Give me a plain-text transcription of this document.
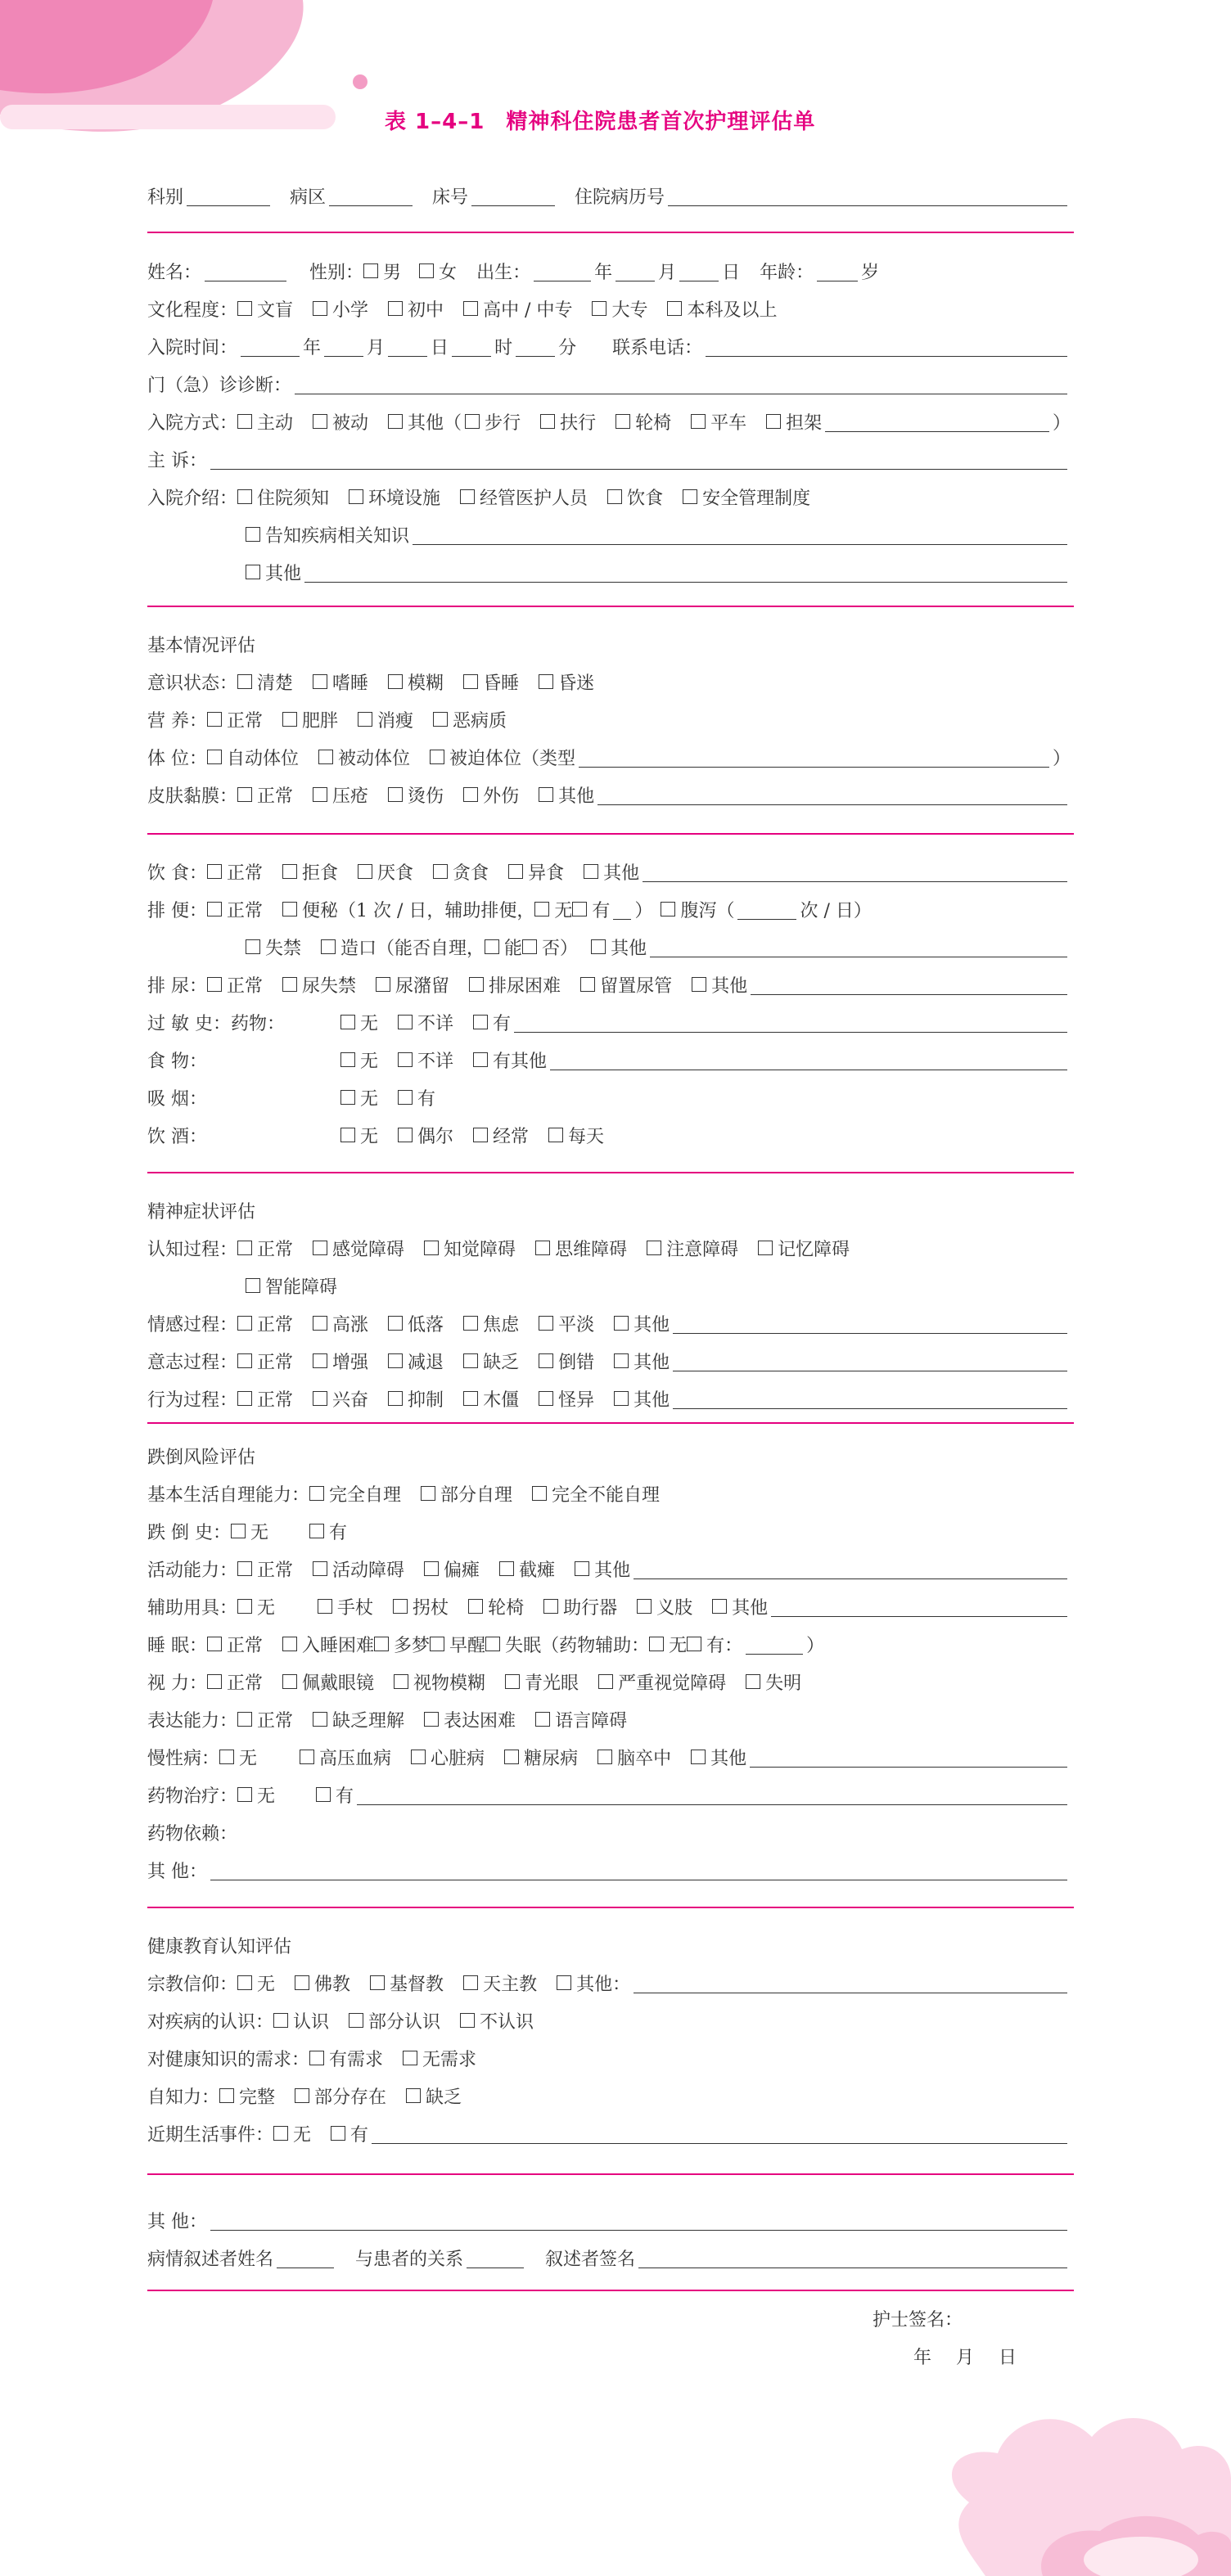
表 1–4–1 精神科住院患者首次护理评估单
科别	病区	床号	住院病历号
姓名：	性别： 男 女 出生：	年	月	日 年龄：	岁
文化程度： 文盲 小学 初中 高中 / 中专 大专 本科及以上
入院时间：	年	月	日	时	分 联系电话：
门（急）诊诊断：
入院方式： 主动 被动 其他（ 步行 扶行 轮椅 平车 担架	）
主 诉：
入院介绍： 住院须知 环境设施 经管医护人员 饮食 安全管理制度
告知疾病相关知识
其他
基本情况评估
意识状态： 清楚 嗜睡 模糊 昏睡 昏迷
营 养： 正常 肥胖 消瘦 恶病质
体 位： 自动体位 被动体位 被迫体位（类型	）
皮肤黏膜： 正常 压疮 烫伤 外伤 其他
饮 食： 正常 拒食 厌食 贪食 异食 其他
排 便： 正常 便秘（1 次 / 日，辅助排便， 无 有 ） 腹泻（	次 / 日）
失禁 造口（能否自理， 能 否） 其他
排 尿： 正常 尿失禁 尿潴留 排尿困难 留置尿管 其他
过 敏 史：药物：	无 不详 有
食 物：	无 不详 有其他
吸 烟：	无 有
饮 酒：	无 偶尔 经常 每天
精神症状评估
认知过程： 正常 感觉障碍 知觉障碍 思维障碍 注意障碍 记忆障碍
智能障碍
情感过程： 正常 高涨 低落 焦虑 平淡 其他
意志过程： 正常 增强 减退 缺乏 倒错 其他
行为过程： 正常 兴奋 抑制 木僵 怪异 其他
跌倒风险评估
基本生活自理能力： 完全自理 部分自理 完全不能自理
跌 倒 史： 无	有
活动能力： 正常 活动障碍 偏瘫 截瘫 其他
辅助用具： 无	手杖 拐杖 轮椅 助行器 义肢 其他
睡 眠： 正常 入睡困难 多梦 早醒 失眠（药物辅助： 无 有：	）
视 力： 正常 佩戴眼镜 视物模糊 青光眼 严重视觉障碍 失明
表达能力： 正常 缺乏理解 表达困难 语言障碍
慢性病： 无	高压血病 心脏病 糖尿病 脑卒中 其他
药物治疗： 无	有
药物依赖：
其 他：
健康教育认知评估
宗教信仰： 无 佛教 基督教 天主教 其他：
对疾病的认识： 认识 部分认识 不认识
对健康知识的需求： 有需求 无需求
自知力： 完整 部分存在 缺乏
近期生活事件： 无 有
其 他：
病情叙述者姓名	与患者的关系	叙述者签名
护士签名：
年 月 日
